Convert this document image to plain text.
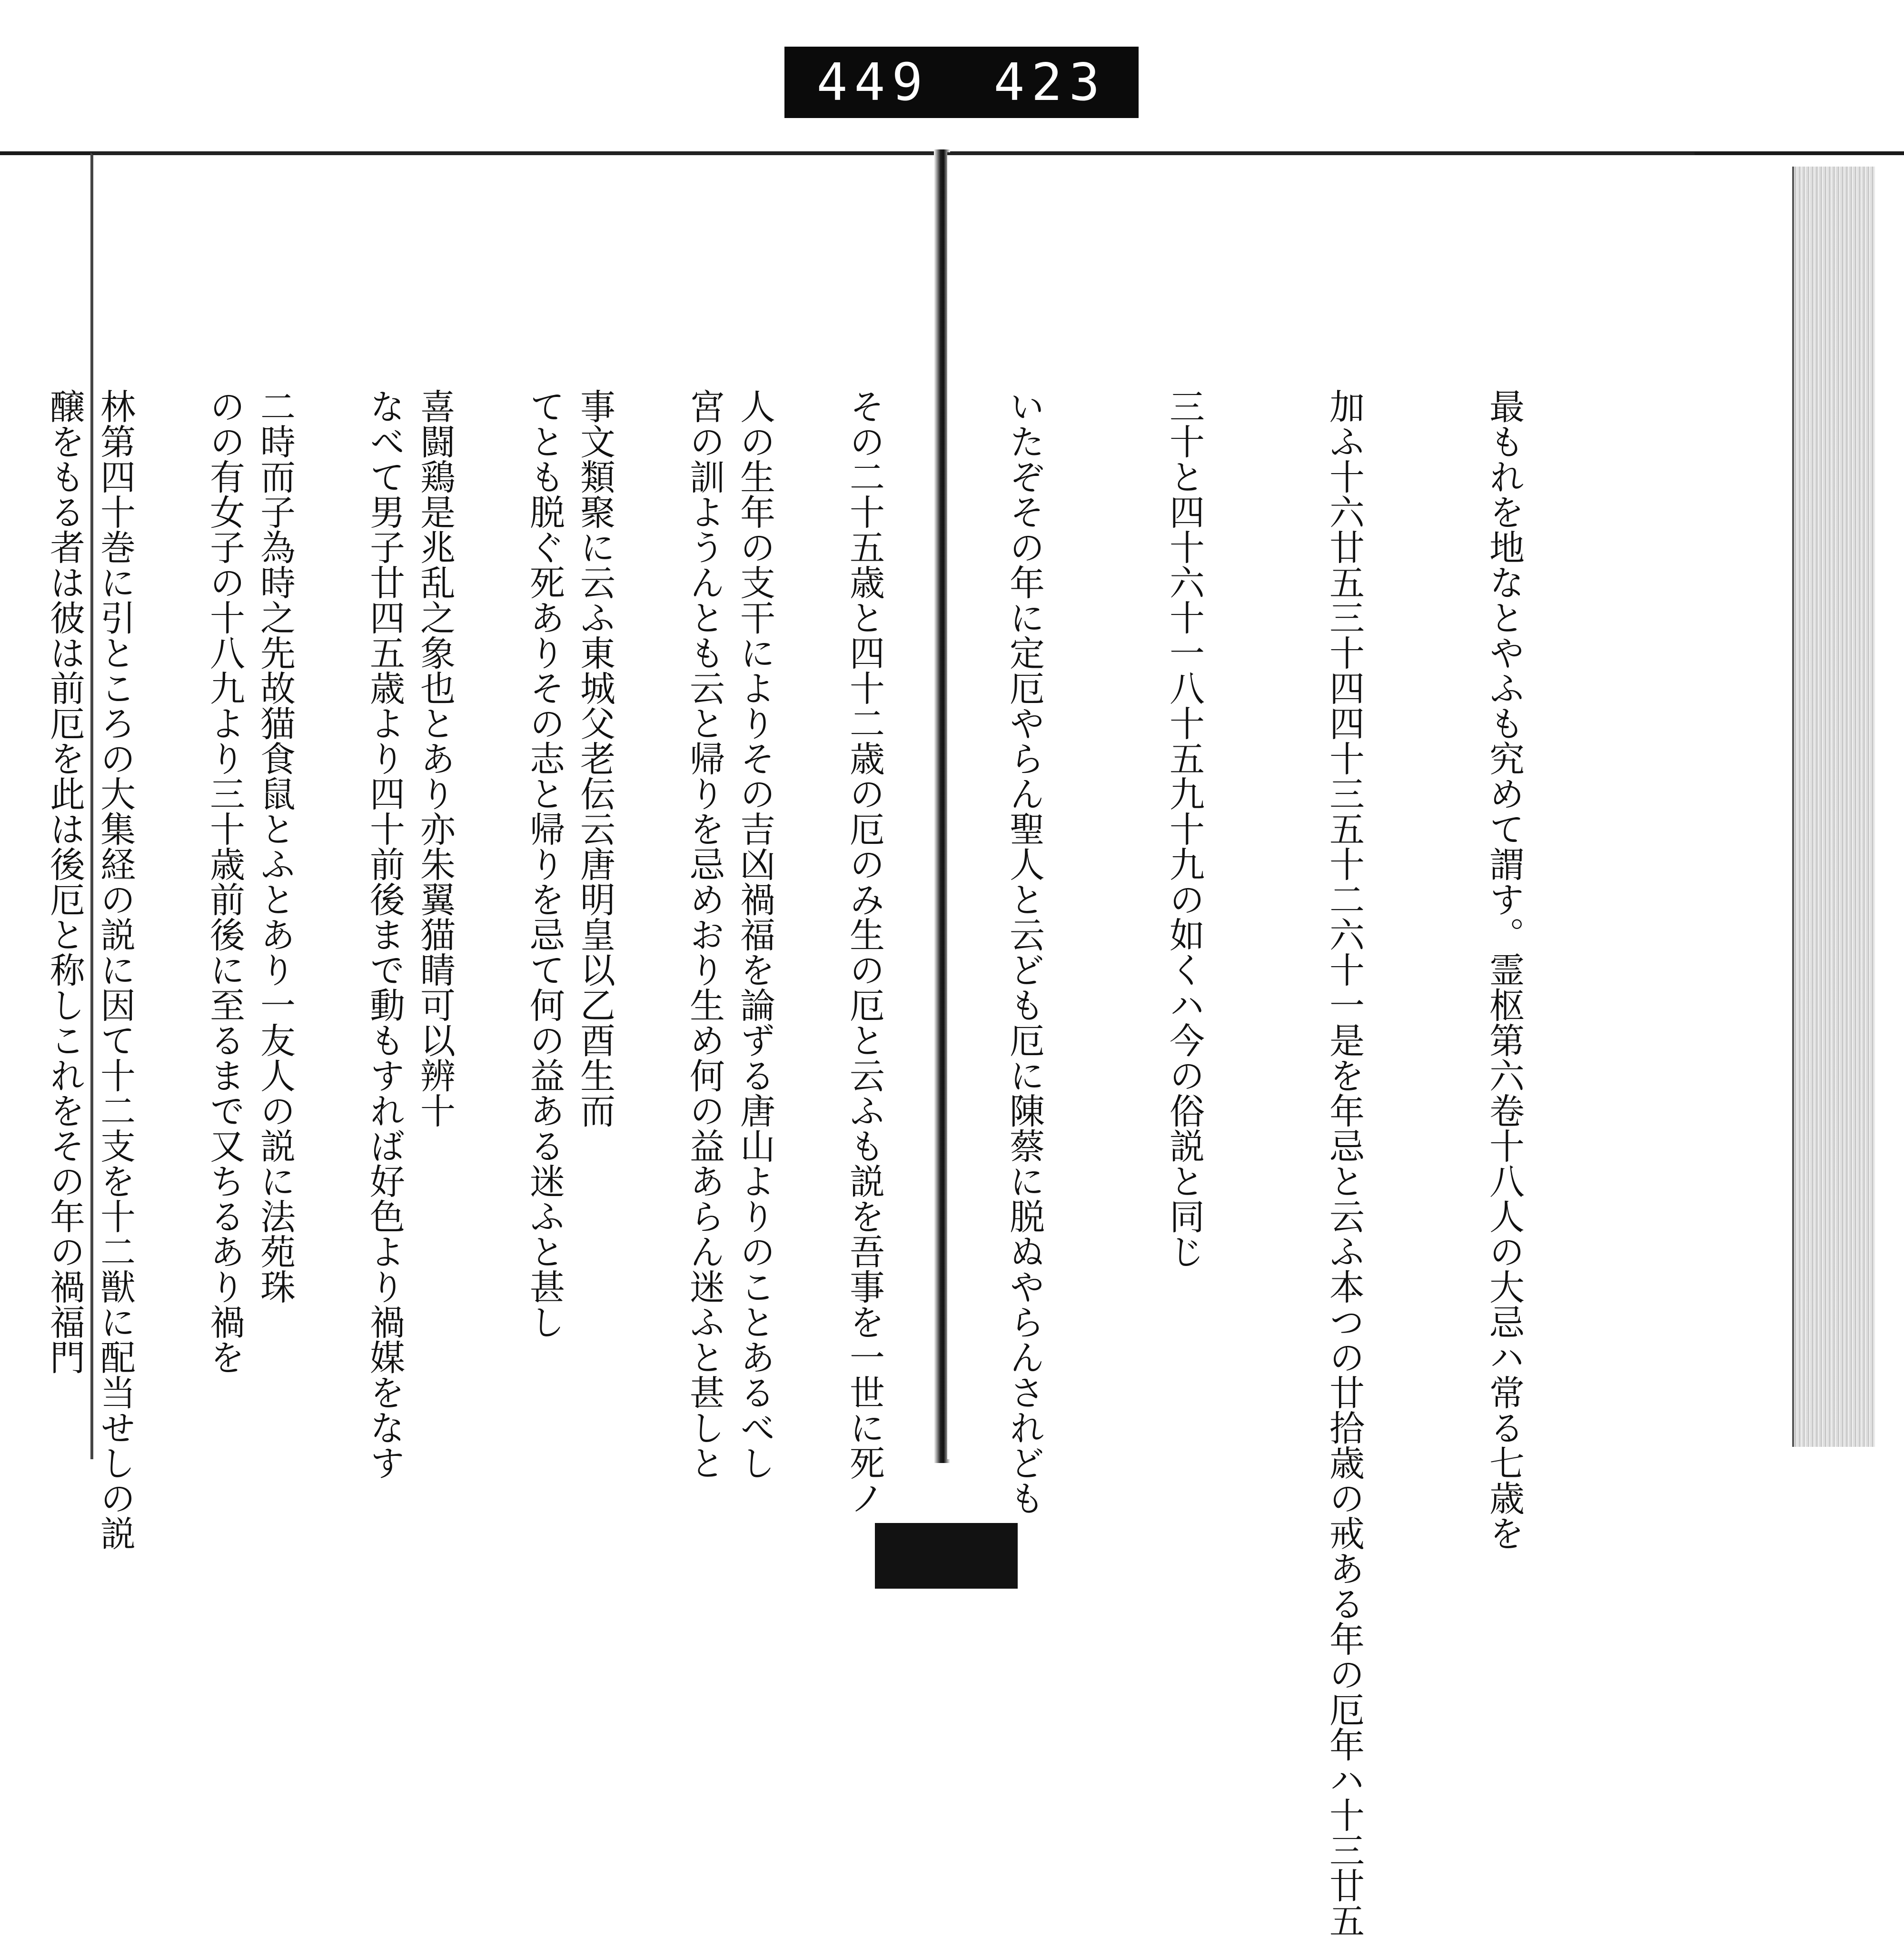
449 423

人の生年の支干によりその吉凶禍福を論ずる唐山よりのことあるべし

事文類聚に云ふ東城父老伝云唐明皇以乙酉生而

喜闘鶏是兆乱之象也とあり亦朱翼猫睛可以辨十

二時而子為時之先故猫食鼠とふとあり一友人の説に法苑珠

林第四十巻に引ところの大集経の説に因て十二支を十二獣に配当せしの説

	最もれを地なとやふも究めて謂す。霊枢第六卷十八人の大忌ハ常る七歳を

加ふ十六廿五三十四四十三五十二六十一是を年忌と云ふ本つの廿拾歳の戒ある年の厄年ハ十三廿五

三十と四十六十一八十五九十九の如くハ今の俗説と同じ

いたぞその年に定厄やらん聖人と云ども厄に陳蔡に脱ぬやらんされども

その二十五歳と四十二歳の厄のみ生の厄と云ふも説を吾事を一世に死ノ

宮の訓ようんとも云と帰りを忌めおり生め何の益あらん迷ふと甚しと

てとも脱ぐ死ありその志と帰りを忌て何の益ある迷ふと甚し

なべて男子廿四五歳より四十前後まで動もすれば好色より禍媒をなす

のの有女子の十八九より三十歳前後に至るまで又ちるあり禍を

醸をもる者は彼は前厄を此は後厄と称しこれをその年の禍福門
